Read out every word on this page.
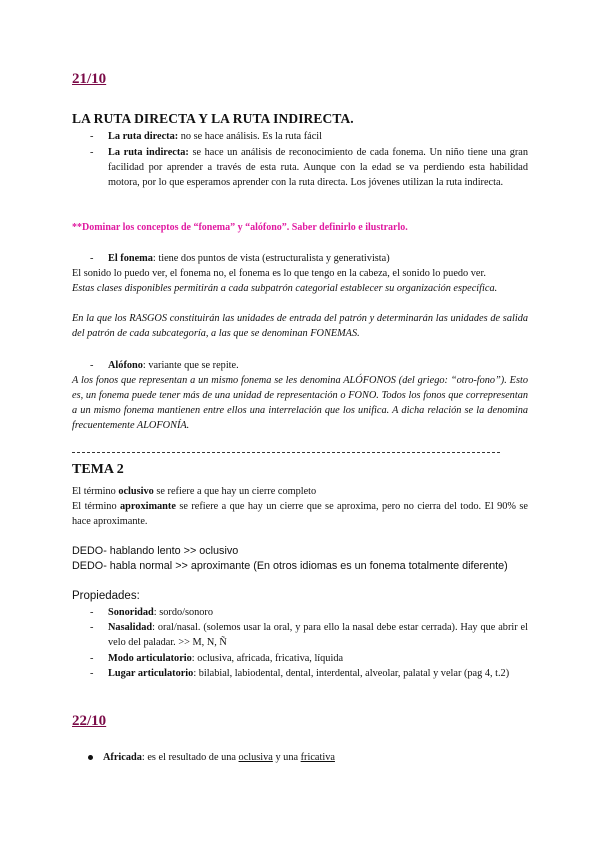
21/10
LA RUTA DIRECTA Y LA RUTA INDIRECTA.
- La ruta directa: no se hace análisis. Es la ruta fácil
- La ruta indirecta: se hace un análisis de reconocimiento de cada fonema. Un niño tiene una gran facilidad por aprender a través de esta ruta. Aunque con la edad se va perdiendo esta habilidad motora, por lo que esperamos aprender con la ruta directa. Los jóvenes utilizan la ruta indirecta.
**Dominar los conceptos de “fonema” y “alófono”. Saber definirlo e ilustrarlo.
- El fonema: tiene dos puntos de vista (estructuralista y generativista)
El sonido lo puedo ver, el fonema no, el fonema es lo que tengo en la cabeza, el sonido lo puedo ver.
Estas clases disponibles permitirán a cada subpatrón categorial establecer su organización específica.
En la que los RASGOS constituirán las unidades de entrada del patrón y determinarán las unidades de salida del patrón de cada subcategoría, a las que se denominan FONEMAS.
- Alófono: variante que se repite.
A los fonos que representan a un mismo fonema se les denomina ALÓFONOS (del griego: “otro-fono”). Esto es, un fonema puede tener más de una unidad de representación o FONO. Todos los fonos que correpresentan a un mismo fonema mantienen entre ellos una interrelación que los unifica. A dicha relación se la denomina frecuentemente ALOFONÍA.
TEMA 2
El término oclusivo se refiere a que hay un cierre completo
El término aproximante se refiere a que hay un cierre que se aproxima, pero no cierra del todo. El 90% se hace aproximante.
DEDO- hablando lento >> oclusivo
DEDO- habla normal >> aproximante (En otros idiomas es un fonema totalmente diferente)
Propiedades:
- Sonoridad: sordo/sonoro
- Nasalidad: oral/nasal. (solemos usar la oral, y para ello la nasal debe estar cerrada). Hay que abrir el velo del paladar. >> M, N, Ñ
- Modo articulatorio: oclusiva, africada, fricativa, líquida
- Lugar articulatorio: bilabial, labiodental, dental, interdental, alveolar, palatal y velar (pag 4, t.2)
22/10
Africada: es el resultado de una oclusiva y una fricativa
